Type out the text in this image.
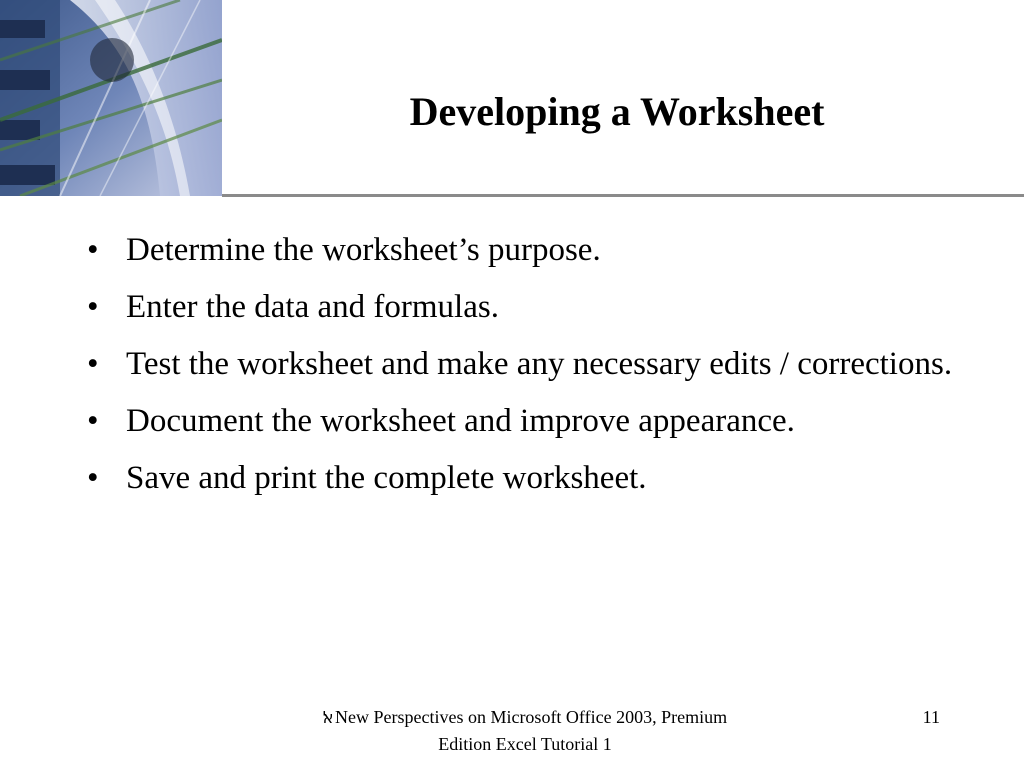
Developing a Worksheet
• Determine the worksheet’s purpose.
• Enter the data and formulas.
• Test the worksheet and make any necessary edits / corrections.
• Document the worksheet and improve appearance.
• Save and print the complete worksheet.
ﭏ New Perspectives on Microsoft Office 2003, Premium
Edition Excel Tutorial 1
11
